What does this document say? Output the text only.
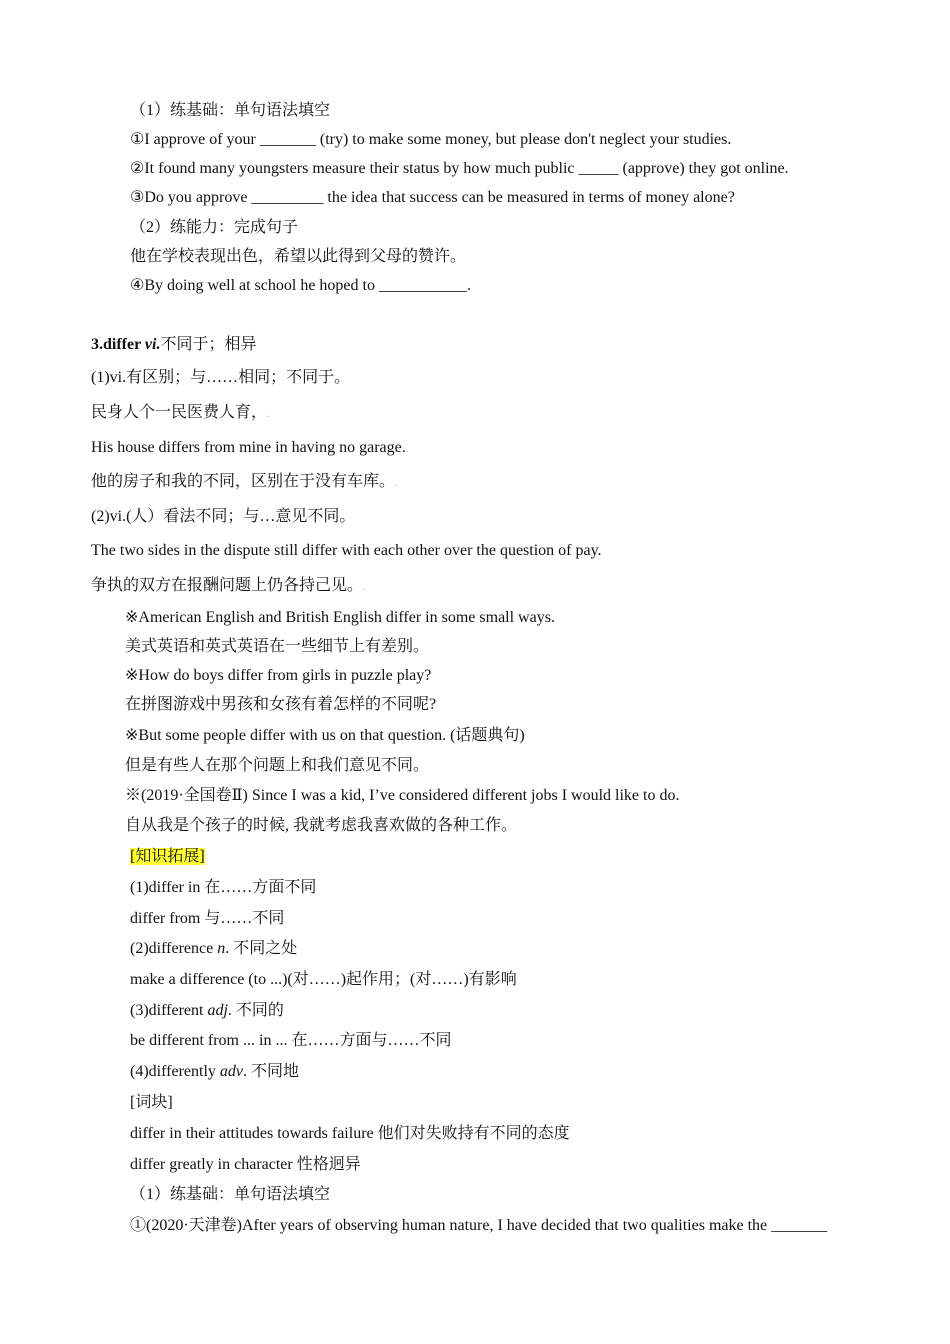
（1）练基础：单句语法填空
①I approve of your _______ (try) to make some money, but please don't neglect your studies.
②It found many youngsters measure their status by how much public _____ (approve) they got online.
③Do you approve _________ the idea that success can be measured in terms of money alone?
（2）练能力：完成句子
他在学校表现出色，希望以此得到父母的赞许。
④By doing well at school he hoped to ___________.
3.differ vi.不同于；相异
(1)vi.有区别；与……相同；不同于。
民身人个一民医费人育，.
His house differs from mine in having no garage..
他的房子和我的不同，区别在于没有车库。.
(2)vi.(人）看法不同；与…意见不同。
The two sides in the dispute still differ with each other over the question of pay.
争执的双方在报酬问题上仍各持己见。.
※American English and British English differ in some small ways.
美式英语和英式英语在一些细节上有差别。
※How do boys differ from girls in puzzle play?
在拼图游戏中男孩和女孩有着怎样的不同呢?
※But some people differ with us on that question. (话题典句)
但是有些人在那个问题上和我们意见不同。
※(2019·全国卷Ⅱ) Since I was a kid, I’ve considered different jobs I would like to do.
自从我是个孩子的时候, 我就考虑我喜欢做的各种工作。
[知识拓展]
(1)differ in 在……方面不同
differ from 与……不同
(2)difference n. 不同之处
make a difference (to ...)(对……)起作用；(对……)有影响
(3)different adj. 不同的
be different from ... in ... 在……方面与……不同
(4)differently adv. 不同地
[词块]
differ in their attitudes towards failure 他们对失败持有不同的态度
differ greatly in character 性格迥异
（1）练基础：单句语法填空
①(2020·天津卷)After years of observing human nature, I have decided that two qualities make the _______
